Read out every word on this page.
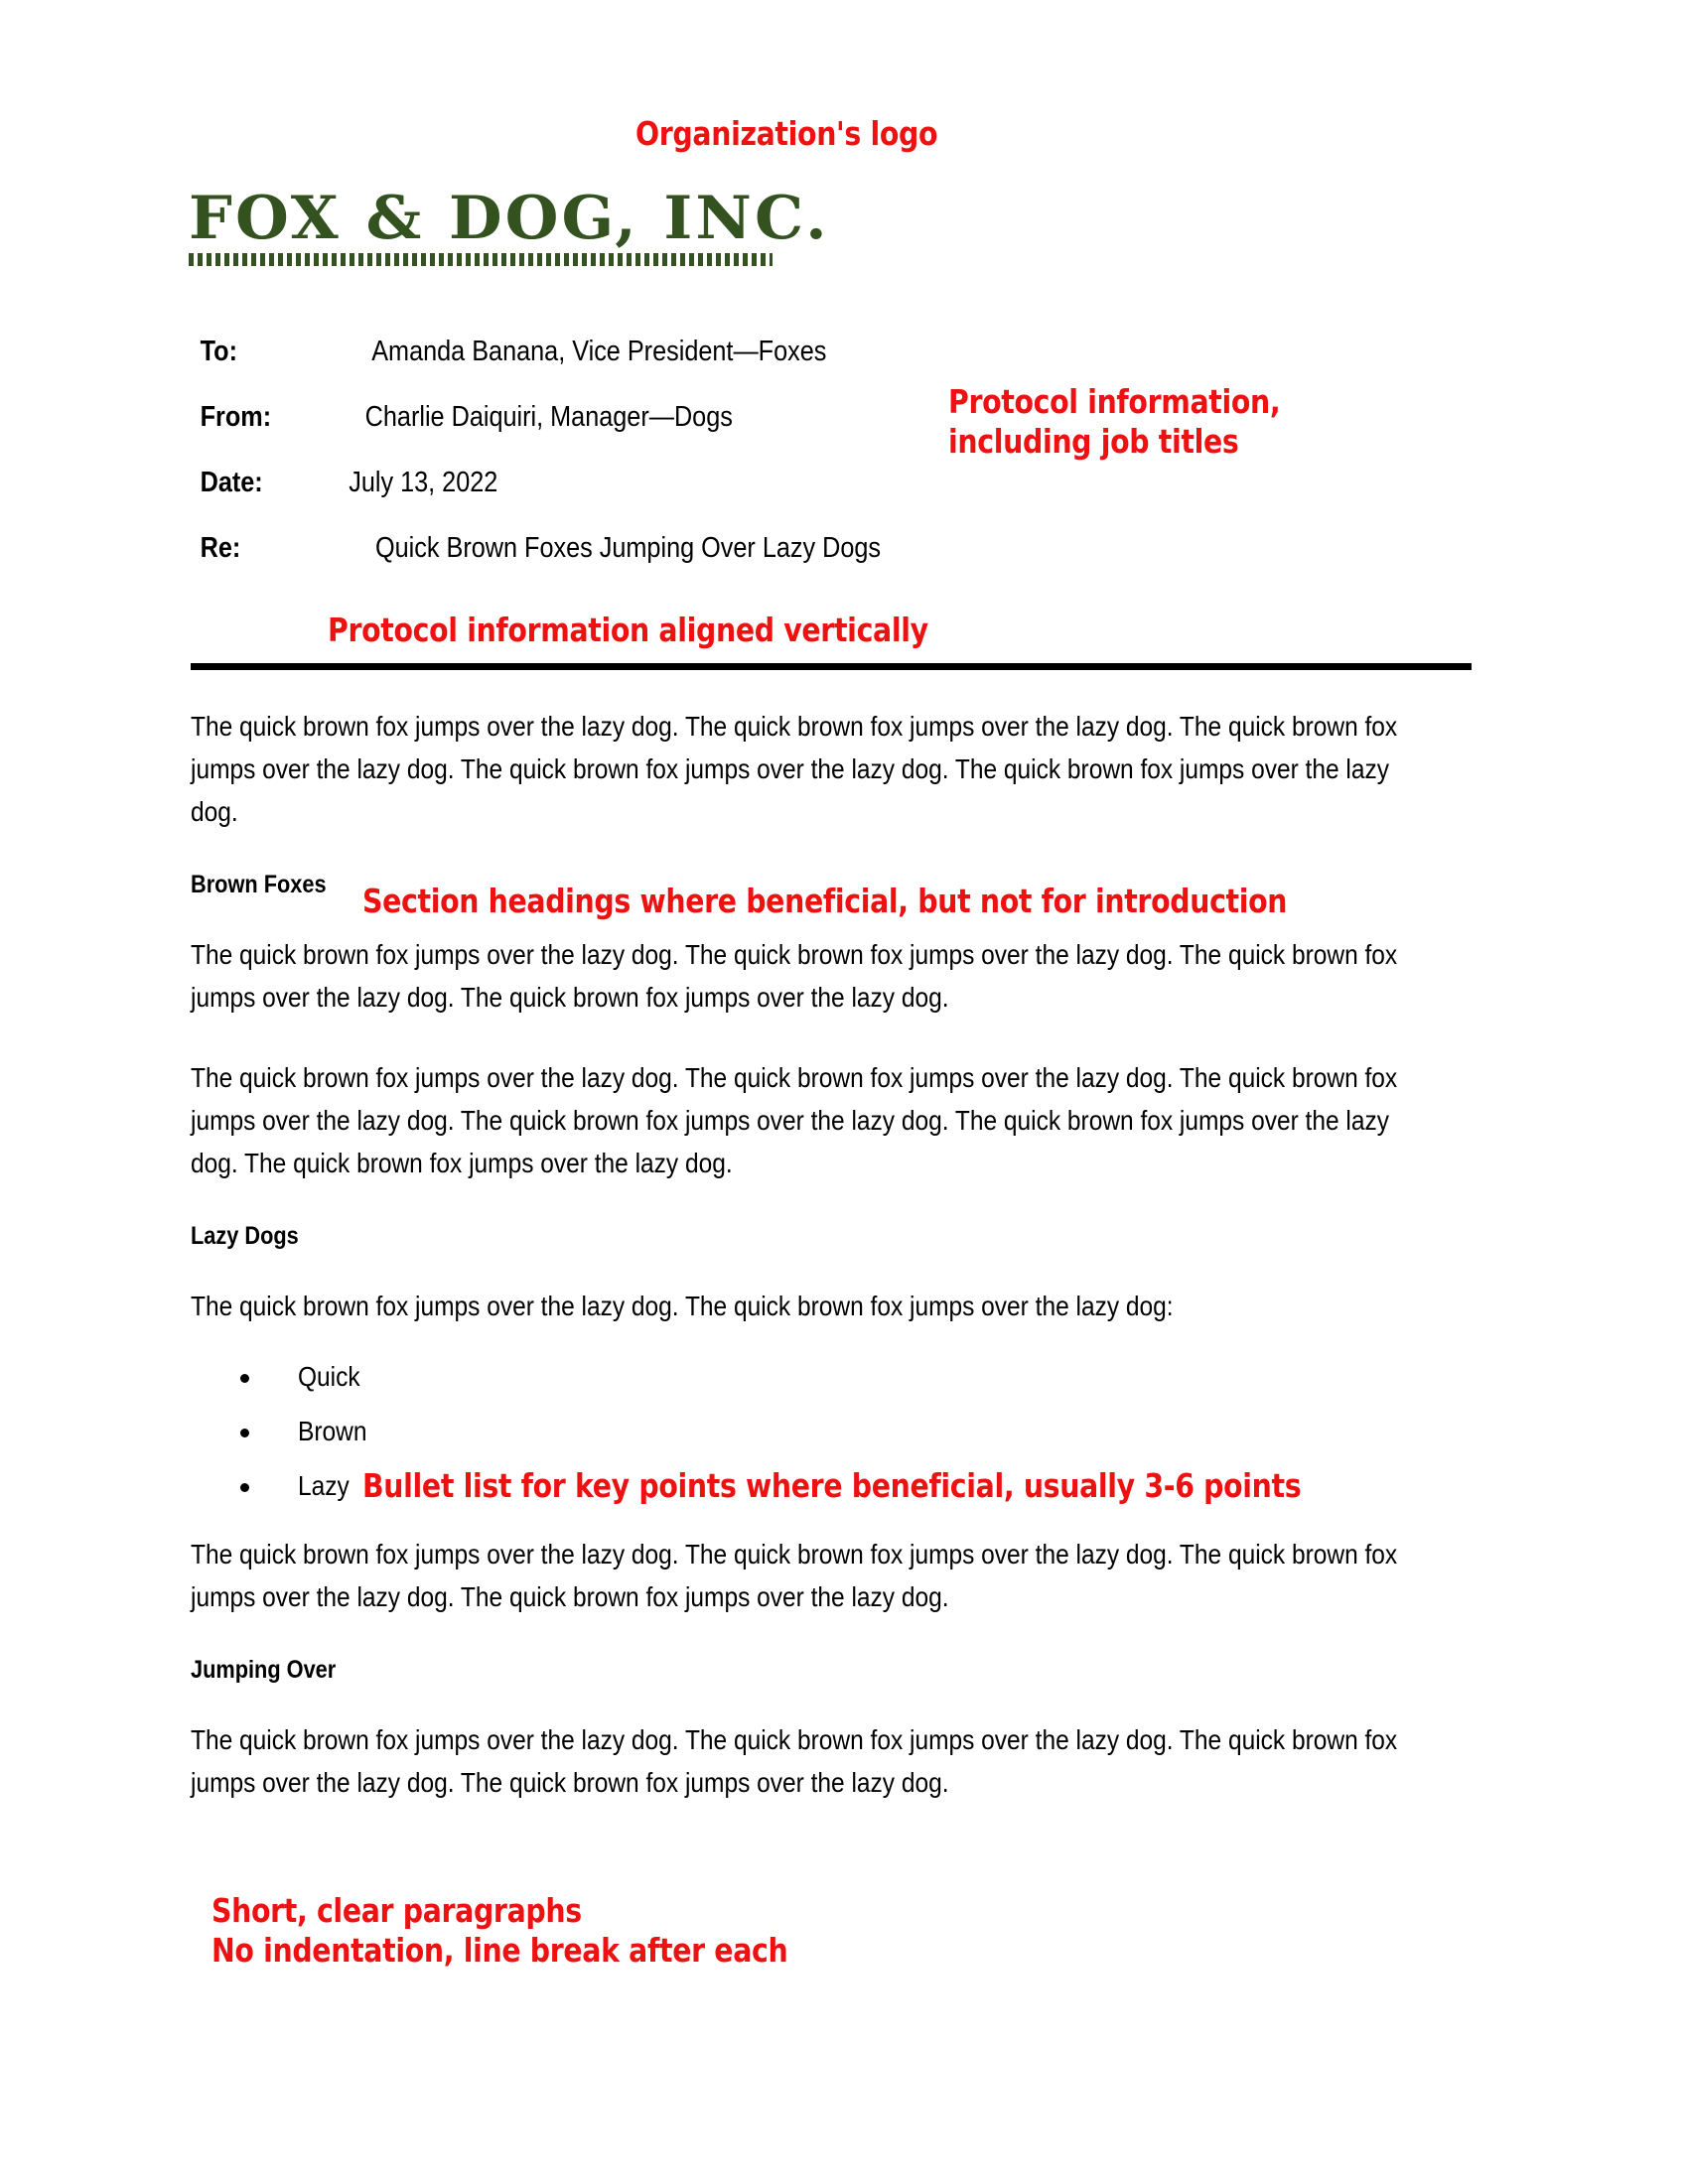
Organization's logo
FOX & DOG, INC.
To:	Amanda Banana, Vice President—Foxes
From:	Charlie Daiquiri, Manager—Dogs
Date:	July 13, 2022
Re:	Quick Brown Foxes Jumping Over Lazy Dogs
Protocol information,
including job titles
Protocol information aligned vertically

The quick brown fox jumps over the lazy dog. The quick brown fox jumps over the lazy dog. The quick brown fox jumps over the lazy dog. The quick brown fox jumps over the lazy dog. The quick brown fox jumps over the lazy dog.

Brown Foxes

The quick brown fox jumps over the lazy dog. The quick brown fox jumps over the lazy dog. The quick brown fox jumps over the lazy dog. The quick brown fox jumps over the lazy dog.

The quick brown fox jumps over the lazy dog. The quick brown fox jumps over the lazy dog. The quick brown fox jumps over the lazy dog. The quick brown fox jumps over the lazy dog. The quick brown fox jumps over the lazy dog. The quick brown fox jumps over the lazy dog.

Lazy Dogs

The quick brown fox jumps over the lazy dog. The quick brown fox jumps over the lazy dog:

Quick
Brown
Lazy

The quick brown fox jumps over the lazy dog. The quick brown fox jumps over the lazy dog. The quick brown fox jumps over the lazy dog. The quick brown fox jumps over the lazy dog.

Jumping Over

The quick brown fox jumps over the lazy dog. The quick brown fox jumps over the lazy dog. The quick brown fox jumps over the lazy dog. The quick brown fox jumps over the lazy dog.

Section headings where beneficial, but not for introduction
Bullet list for key points where beneficial, usually 3-6 points
Short, clear paragraphs
No indentation, line break after each
